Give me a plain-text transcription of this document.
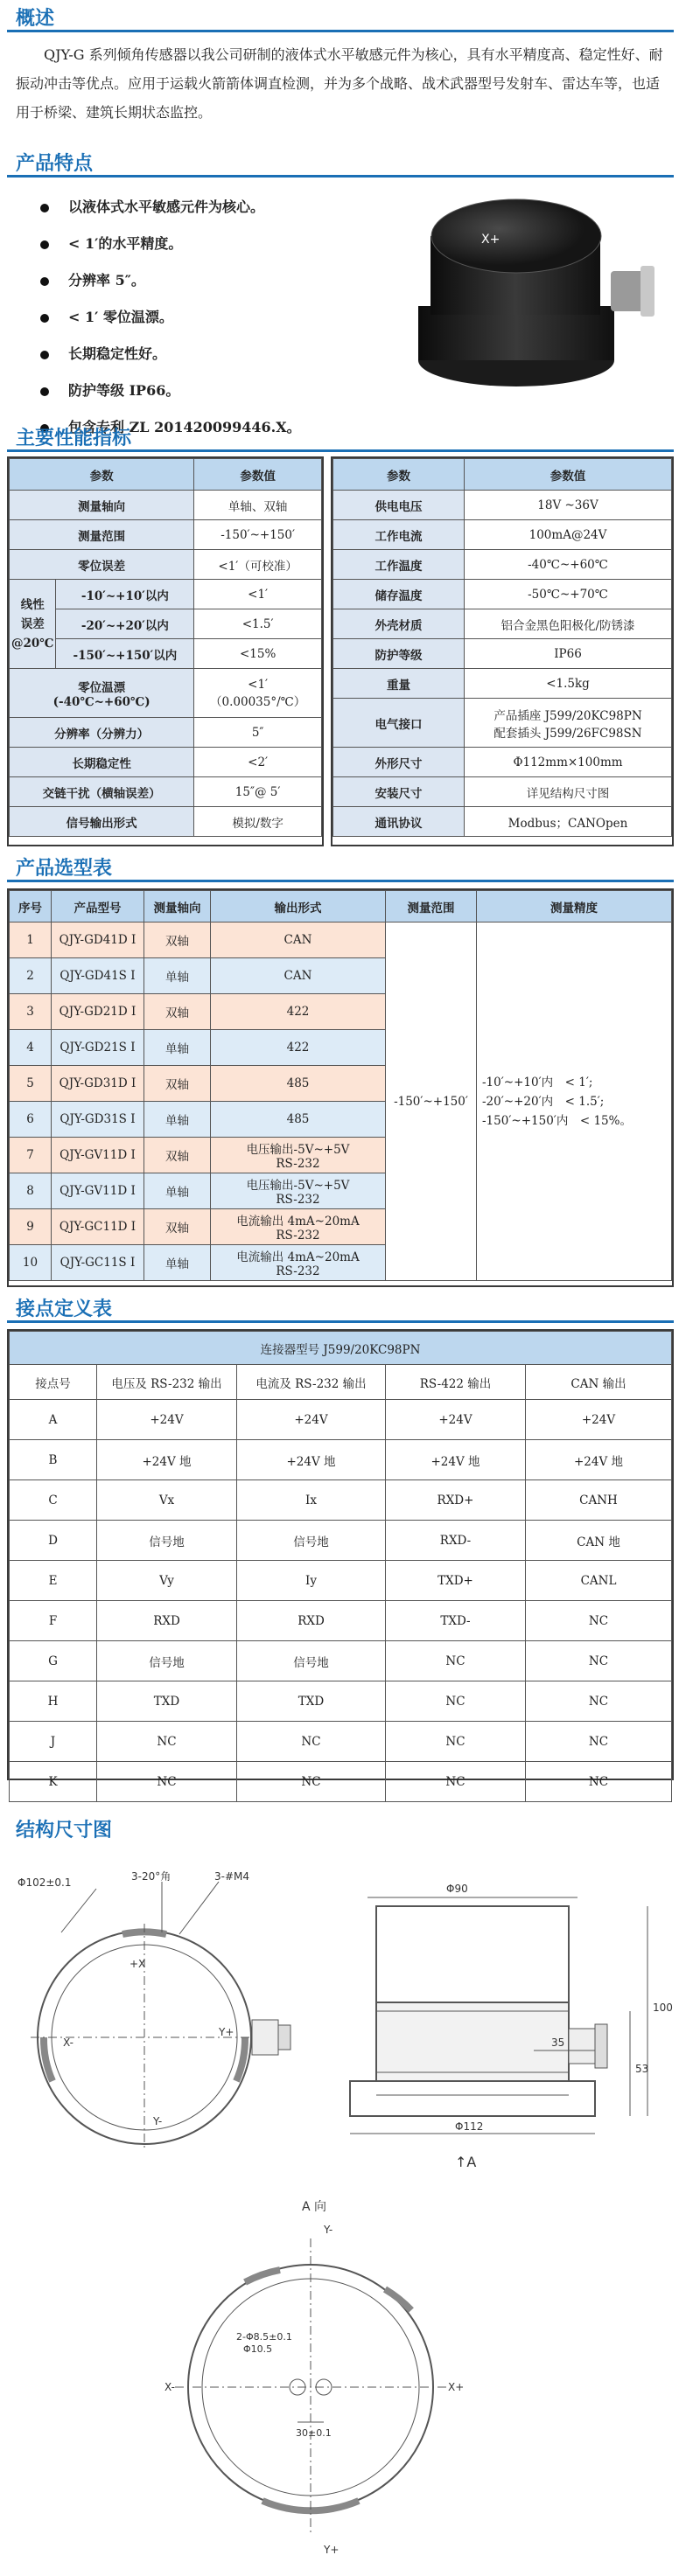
概述
QJY-G 系列倾角传感器以我公司研制的液体式水平敏感元件为核心，具有水平精度高、稳定性好、耐振动冲击等优点。应用于运载火箭箭体调直检测，并为多个战略、战术武器型号发射车、雷达车等，也适用于桥梁、建筑长期状态监控。
产品特点
以液体式水平敏感元件为核心。
< 1′的水平精度。
分辨率 5″。
< 1′ 零位温漂。
长期稳定性好。
防护等级 IP66。
包含专利 ZL 201420099446.X。
X+
主要性能指标
参数		参数值
测量轴向		单轴、双轴
测量范围		-150′~+150′
零位误差		<1′（可校准）
线性
误差
@20℃	-10′~+10′以内	<1′
	-20′~+20′以内	<1.5′
	-150′~+150′以内	<15%
零位温漂
(-40℃~+60℃)		<1′
（0.00035°/℃）
分辨率（分辨力）		5″
长期稳定性		<2′
交链干扰（横轴误差）		15″@ 5′
信号输出形式		模拟/数字
参数	参数值
供电电压	18V ~36V
工作电流	100mA@24V
工作温度	-40℃~+60℃
储存温度	-50℃~+70℃
外壳材质	铝合金黑色阳极化/防锈漆
防护等级	IP66
重量	<1.5kg
电气接口	产品插座 J599/20KC98PN
配套插头 J599/26FC98SN
外形尺寸	Φ112mm×100mm
安装尺寸	详见结构尺寸图
通讯协议	Modbus；CANOpen
产品选型表
序号	产品型号	测量轴向	输出形式	测量范围	测量精度
1	QJY-GD41D I	双轴	CAN	-150′~+150′	-10′~+10′内　< 1′;
-20′~+20′内　< 1.5′;
-150′~+150′内　< 15%。
2	QJY-GD41S I	单轴	CAN		
3	QJY-GD21D I	双轴	422		
4	QJY-GD21S I	单轴	422		
5	QJY-GD31D I	双轴	485		
6	QJY-GD31S I	单轴	485		
7	QJY-GV11D I	双轴	电压输出-5V~+5V
RS-232		
8	QJY-GV11D I	单轴	电压输出-5V~+5V
RS-232		
9	QJY-GC11D I	双轴	电流输出 4mA~20mA
RS-232		
10	QJY-GC11S I	单轴	电流输出 4mA~20mA
RS-232		
接点定义表
连接器型号 J599/20KC98PN				
接点号	电压及 RS-232 输出	电流及 RS-232 输出	RS-422 输出	CAN 输出
A	+24V	+24V	+24V	+24V
B	+24V 地	+24V 地	+24V 地	+24V 地
C	Vx	Ix	RXD+	CANH
D	信号地	信号地	RXD-	CAN 地
E	Vy	Iy	TXD+	CANL
F	RXD	RXD	TXD-	NC
G	信号地	信号地	NC	NC
H	TXD	TXD	NC	NC
J	NC	NC	NC	NC
K	NC	NC	NC	NC
结构尺寸图
Φ102±0.1	3-20°角	3-#M4
+X
Y+
Y-
X-
Φ90
35
100
53
Φ112
↑A
A 向
Y-
Y+
X-	X+
2-Φ8.5±0.1
Φ10.5
30±0.1
